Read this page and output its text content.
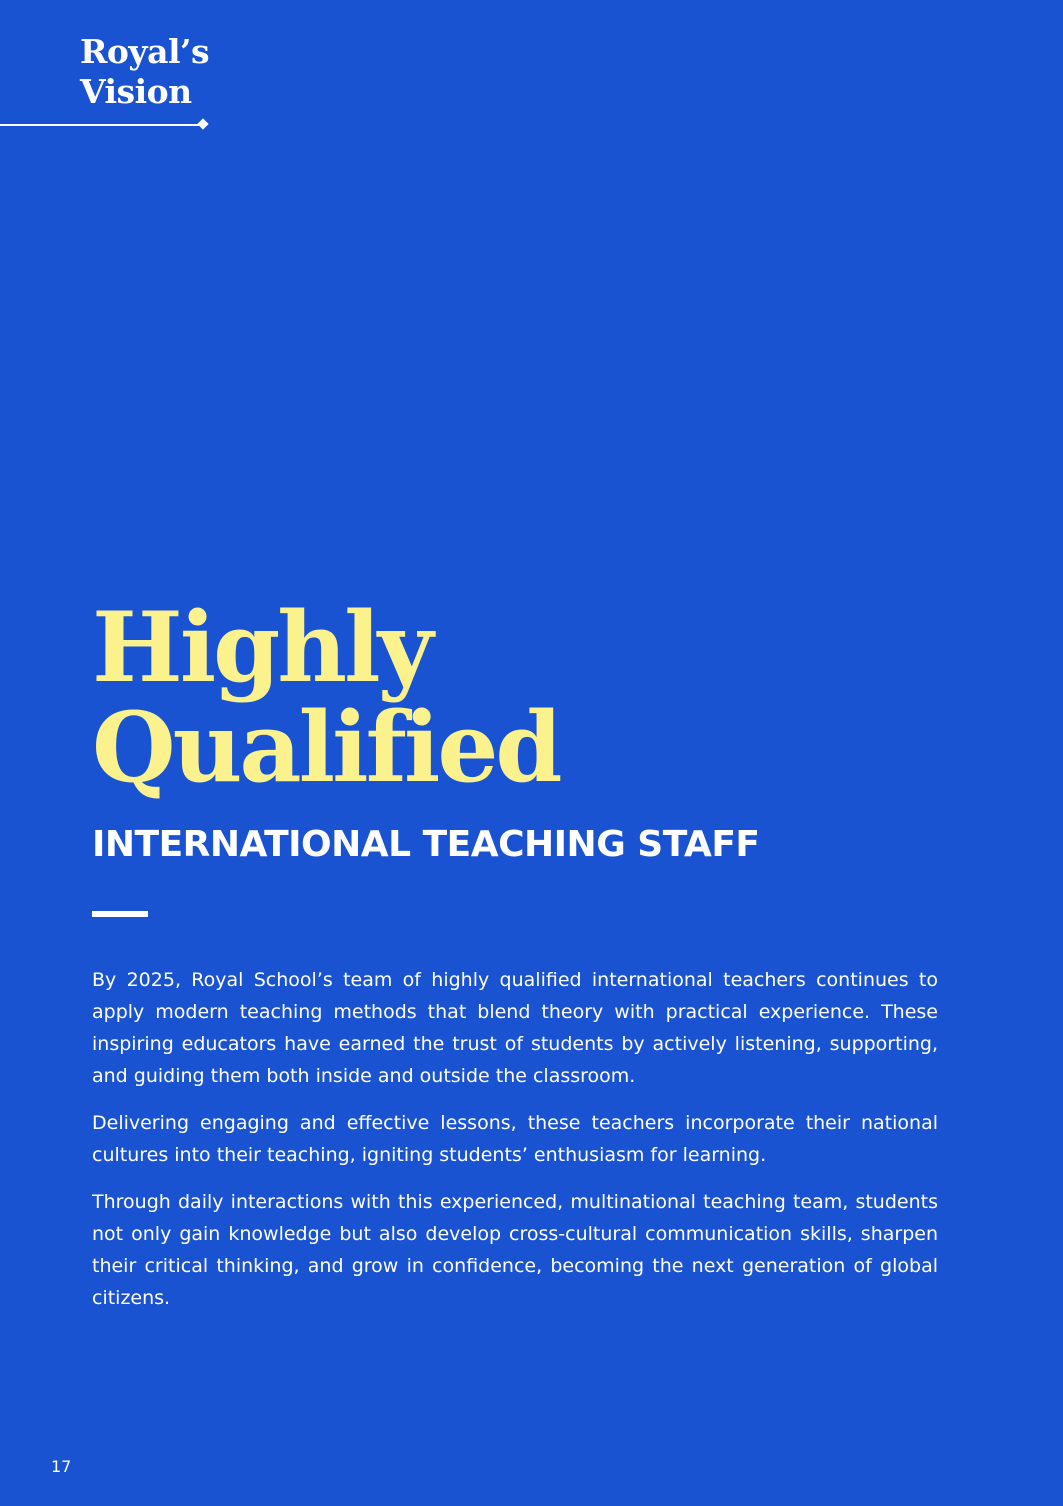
Royal’s
Vision
Highly
Qualified
INTERNATIONAL TEACHING STAFF

By 2025, Royal School’s team of highly qualified international teachers continues to apply modern teaching methods that blend theory with practical experience. These inspiring educators have earned the trust of students by actively listening, supporting, and guiding them both inside and outside the classroom.

Delivering engaging and effective lessons, these teachers incorporate their national cultures into their teaching, igniting students’ enthusiasm for learning.

Through daily interactions with this experienced, multinational teaching team, students not only gain knowledge but also develop cross-cultural communication skills, sharpen their critical thinking, and grow in confidence, becoming the next generation of global citizens.

17
